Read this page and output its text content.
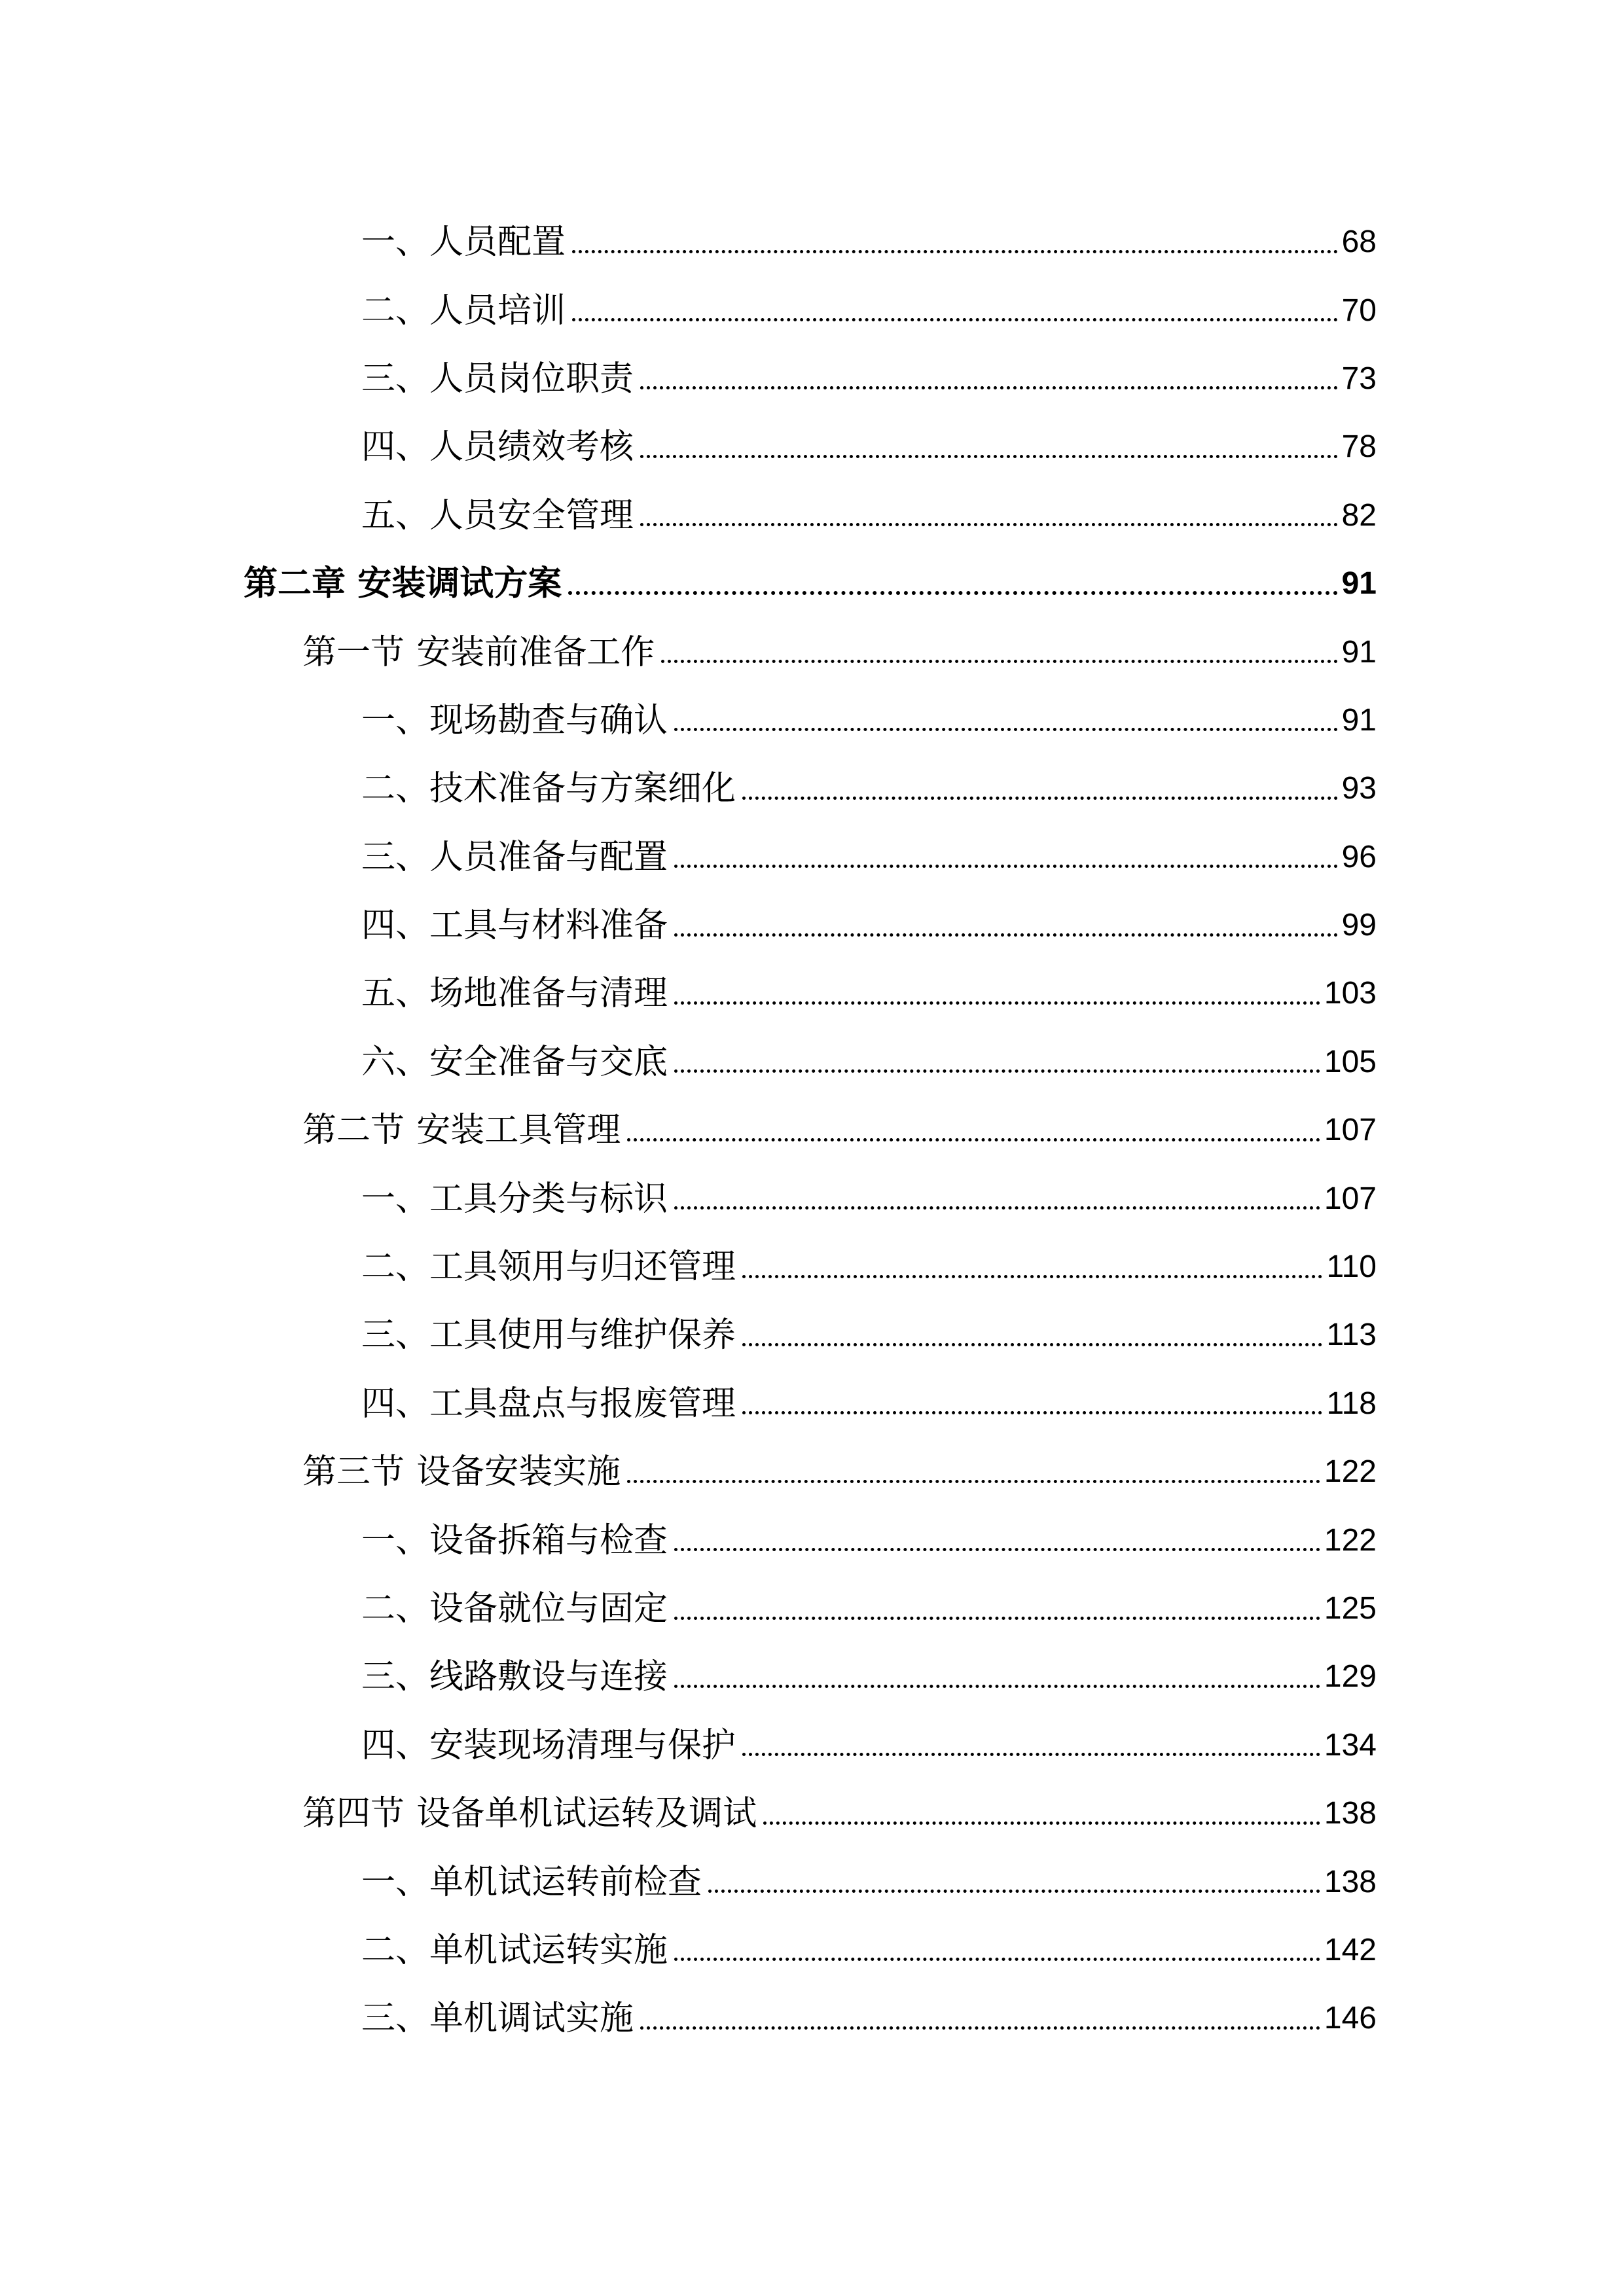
一、人员配置	68
二、人员培训	70
三、人员岗位职责	73
四、人员绩效考核	78
五、人员安全管理	82
第二章 安装调试方案	91
第一节 安装前准备工作	91
一、现场勘查与确认	91
二、技术准备与方案细化	93
三、人员准备与配置	96
四、工具与材料准备	99
五、场地准备与清理	103
六、安全准备与交底	105
第二节 安装工具管理	107
一、工具分类与标识	107
二、工具领用与归还管理	110
三、工具使用与维护保养	113
四、工具盘点与报废管理	118
第三节 设备安装实施	122
一、设备拆箱与检查	122
二、设备就位与固定	125
三、线路敷设与连接	129
四、安装现场清理与保护	134
第四节 设备单机试运转及调试	138
一、单机试运转前检查	138
二、单机试运转实施	142
三、单机调试实施	146
